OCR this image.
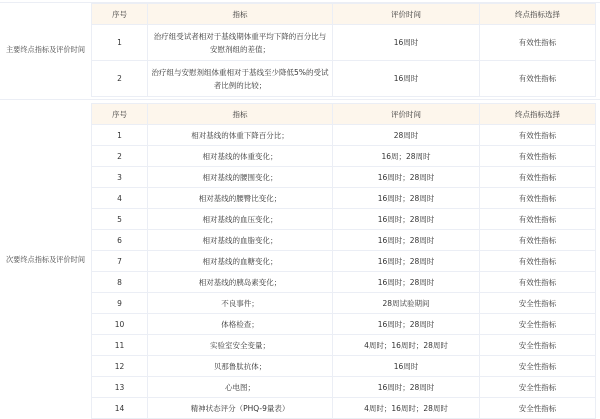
主要终点指标及评价时间
序号	指标	评价时间	终点指标选择
1	治疗组受试者相对于基线期体重平均下降的百分比与安慰剂组的差值；	16周时	有效性指标
2	治疗组与安慰剂组体重相对于基线至少降低5%的受试者比例的比较；	16周时	有效性指标
次要终点指标及评价时间
序号	指标	评价时间	终点指标选择
1	相对基线的体重下降百分比；	28周时	有效性指标
2	相对基线的体重变化；	16周；28周时	有效性指标
3	相对基线的腰围变化；	16周时；28周时	有效性指标
4	相对基线的腰臀比变化；	16周时；28周时	有效性指标
5	相对基线的血压变化；	16周时；28周时	有效性指标
6	相对基线的血脂变化；	16周时；28周时	有效性指标
7	相对基线的血糖变化；	16周时；28周时	有效性指标
8	相对基线的胰岛素变化；	16周时；28周时	有效性指标
9	不良事件；	28周试验期间	安全性指标
10	体格检查；	16周时；28周时	安全性指标
11	实验室安全变量；	4周时；16周时；28周时	安全性指标
12	贝那鲁肽抗体；	16周时	安全性指标
13	心电图；	16周时；28周时	安全性指标
14	精神状态评分（PHQ-9量表）	4周时；16周时；28周时	安全性指标
